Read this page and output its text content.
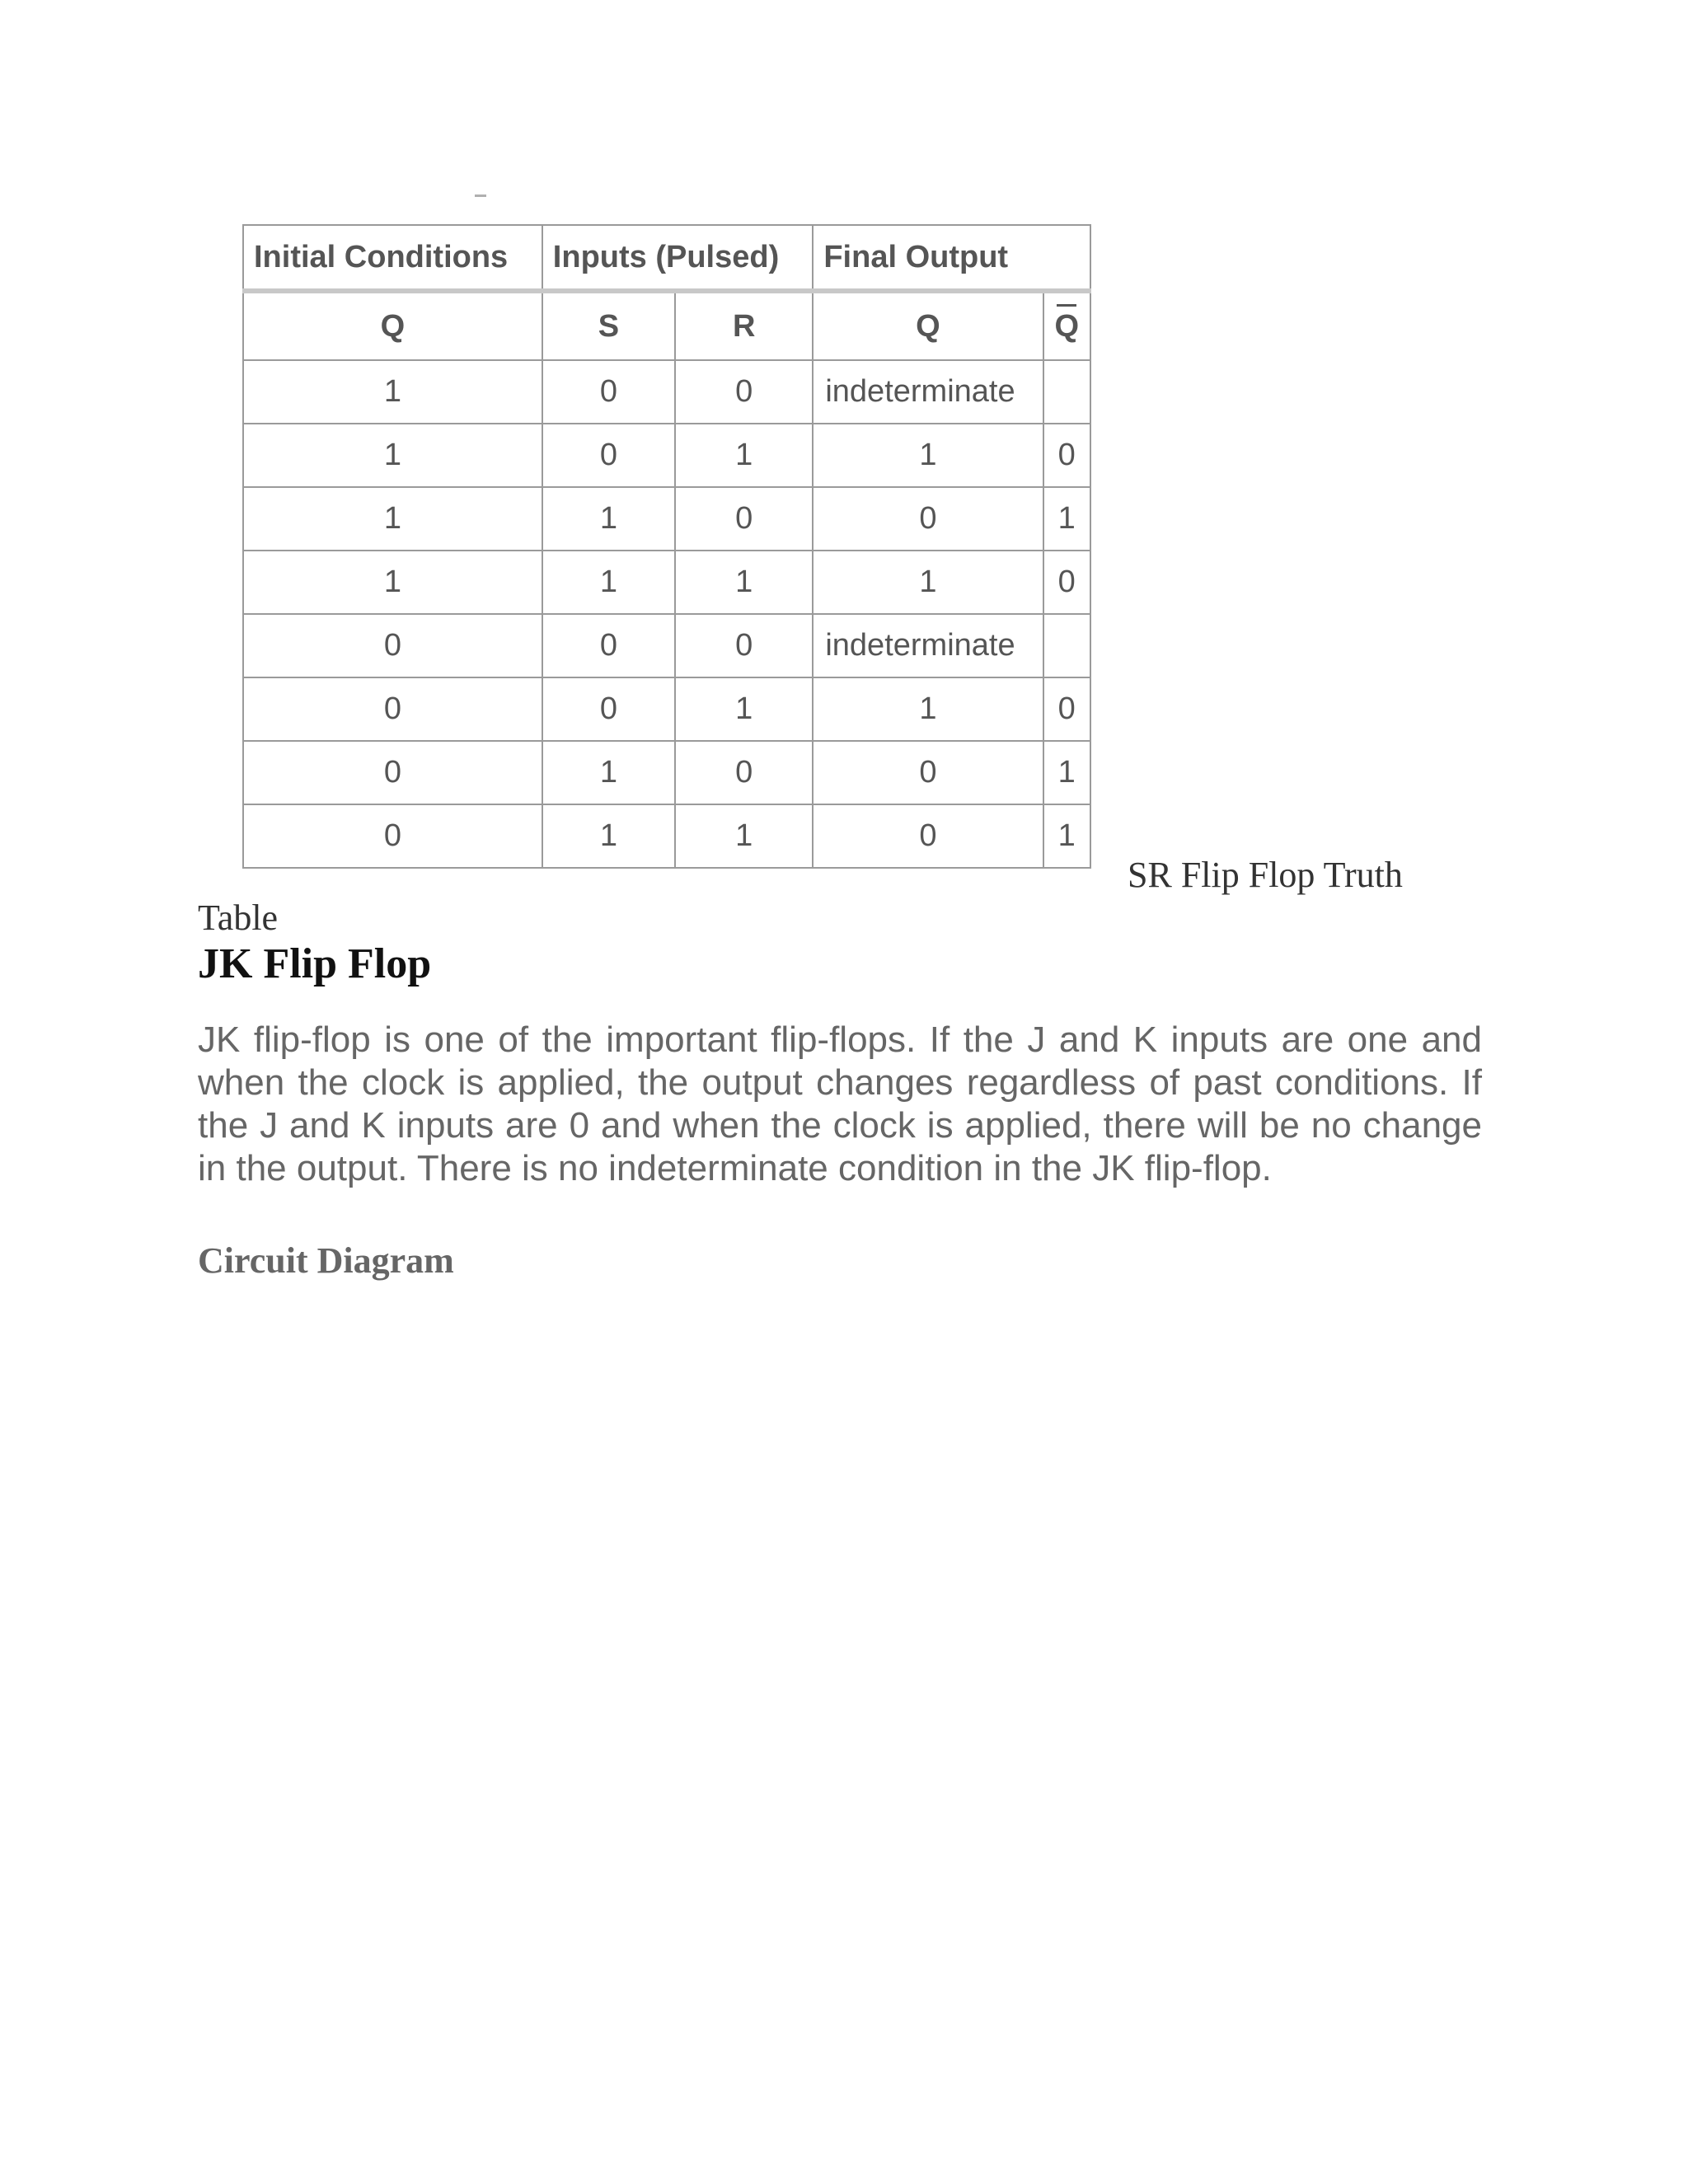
Initial Conditions	Inputs (Pulsed)		Final Output	
Q	S	R	Q	Q
1	0	0	indeterminate	
1	0	1	1	0
1	1	0	0	1
1	1	1	1	0
0	0	0	indeterminate	
0	0	1	1	0
0	1	0	0	1
0	1	1	0	1
SR Flip Flop Truth
Table
JK Flip Flop

JK flip-flop is one of the important flip-flops. If the J and K inputs are one and when the clock is applied, the output changes regardless of past conditions. If the J and K inputs are 0 and when the clock is applied, there will be no change in the output. There is no indeterminate condition in the JK flip-flop.

Circuit Diagram
